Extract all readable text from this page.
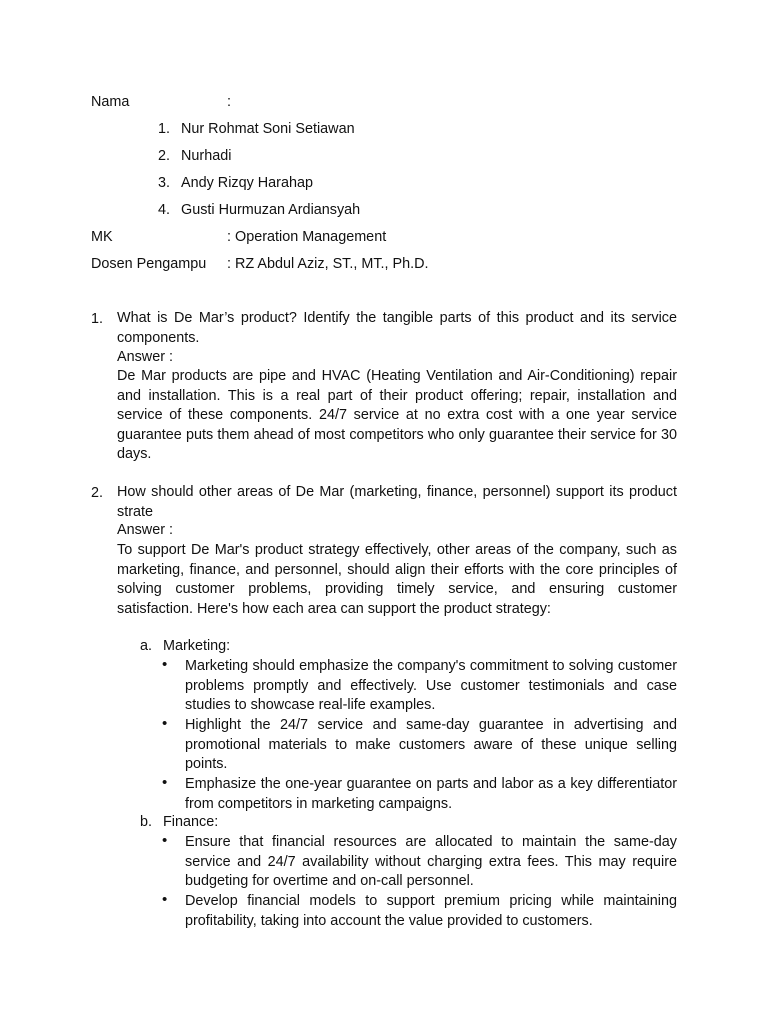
Nama	:
1. Nur Rohmat Soni Setiawan
2. Nurhadi
3. Andy Rizqy Harahap
4. Gusti Hurmuzan Ardiansyah
MK	: Operation Management
Dosen Pengampu : RZ Abdul Aziz, ST., MT., Ph.D.
1. What is De Mar’s product? Identify the tangible parts of this product and its service components.
Answer :
De Mar products are pipe and HVAC (Heating Ventilation and Air-Conditioning) repair and installation. This is a real part of their product offering; repair, installation and service of these components. 24/7 service at no extra cost with a one year service guarantee puts them ahead of most competitors who only guarantee their service for 30 days.
2. How should other areas of De Mar (marketing, finance, personnel) support its product strate
Answer :
To support De Mar's product strategy effectively, other areas of the company, such as marketing, finance, and personnel, should align their efforts with the core principles of solving customer problems, providing timely service, and ensuring customer satisfaction. Here's how each area can support the product strategy:
a. Marketing:
• Marketing should emphasize the company's commitment to solving customer problems promptly and effectively. Use customer testimonials and case studies to showcase real-life examples.
• Highlight the 24/7 service and same-day guarantee in advertising and promotional materials to make customers aware of these unique selling points.
• Emphasize the one-year guarantee on parts and labor as a key differentiator from competitors in marketing campaigns.
b. Finance:
• Ensure that financial resources are allocated to maintain the same-day service and 24/7 availability without charging extra fees. This may require budgeting for overtime and on-call personnel.
• Develop financial models to support premium pricing while maintaining profitability, taking into account the value provided to customers.
